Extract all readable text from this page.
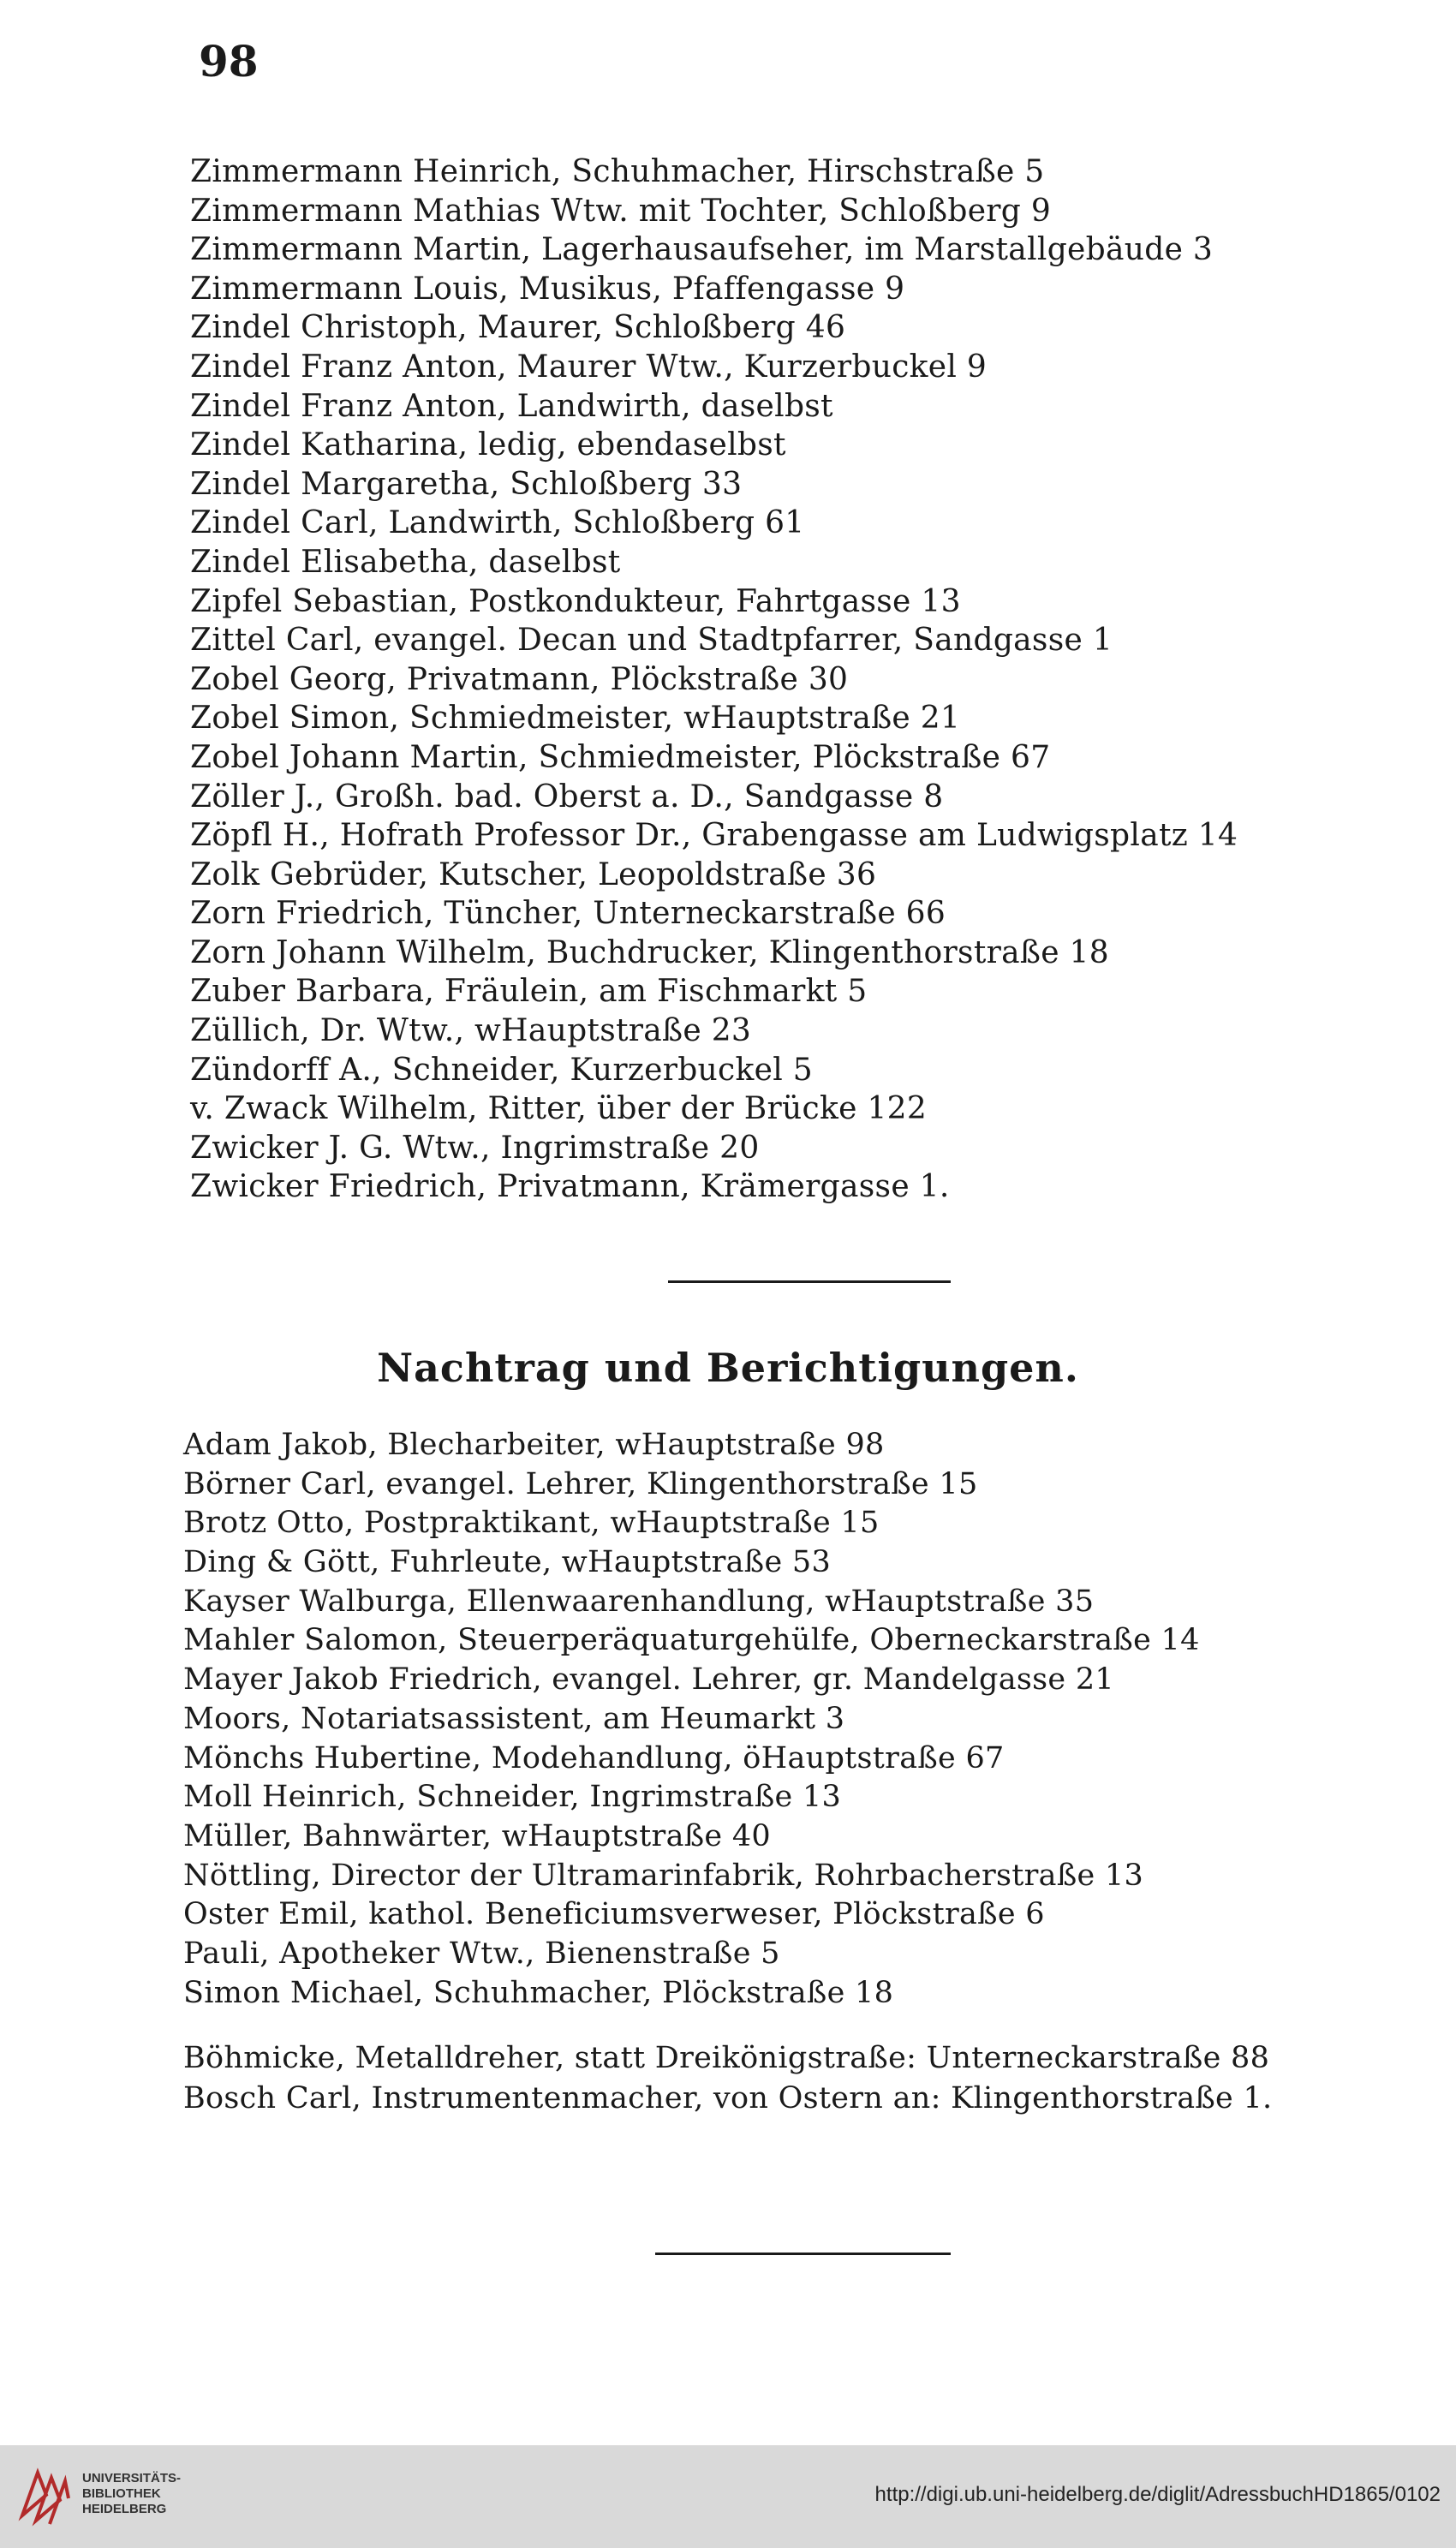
98
Zimmermann Heinrich, Schuhmacher, Hirschstraße 5
Zimmermann Mathias Wtw. mit Tochter, Schloßberg 9
Zimmermann Martin, Lagerhausaufseher, im Marstallgebäude 3
Zimmermann Louis, Musikus, Pfaffengasse 9
Zindel Christoph, Maurer, Schloßberg 46
Zindel Franz Anton, Maurer Wtw., Kurzerbuckel 9
Zindel Franz Anton, Landwirth, daselbst
Zindel Katharina, ledig, ebendaselbst
Zindel Margaretha, Schloßberg 33
Zindel Carl, Landwirth, Schloßberg 61
Zindel Elisabetha, daselbst
Zipfel Sebastian, Postkondukteur, Fahrtgasse 13
Zittel Carl, evangel. Decan und Stadtpfarrer, Sandgasse 1
Zobel Georg, Privatmann, Plöckstraße 30
Zobel Simon, Schmiedmeister, wHauptstraße 21
Zobel Johann Martin, Schmiedmeister, Plöckstraße 67
Zöller J., Großh. bad. Oberst a. D., Sandgasse 8
Zöpfl H., Hofrath Professor Dr., Grabengasse am Ludwigsplatz 14
Zolk Gebrüder, Kutscher, Leopoldstraße 36
Zorn Friedrich, Tüncher, Unterneckarstraße 66
Zorn Johann Wilhelm, Buchdrucker, Klingenthorstraße 18
Zuber Barbara, Fräulein, am Fischmarkt 5
Züllich, Dr. Wtw., wHauptstraße 23
Zündorff A., Schneider, Kurzerbuckel 5
v. Zwack Wilhelm, Ritter, über der Brücke 122
Zwicker J. G. Wtw., Ingrimstraße 20
Zwicker Friedrich, Privatmann, Krämergasse 1.
Nachtrag und Berichtigungen.
Adam Jakob, Blecharbeiter, wHauptstraße 98
Börner Carl, evangel. Lehrer, Klingenthorstraße 15
Brotz Otto, Postpraktikant, wHauptstraße 15
Ding & Gött, Fuhrleute, wHauptstraße 53
Kayser Walburga, Ellenwaarenhandlung, wHauptstraße 35
Mahler Salomon, Steuerperäquaturgehülfe, Oberneckarstraße 14
Mayer Jakob Friedrich, evangel. Lehrer, gr. Mandelgasse 21
Moors, Notariatsassistent, am Heumarkt 3
Mönchs Hubertine, Modehandlung, öHauptstraße 67
Moll Heinrich, Schneider, Ingrimstraße 13
Müller, Bahnwärter, wHauptstraße 40
Nöttling, Director der Ultramarinfabrik, Rohrbacherstraße 13
Oster Emil, kathol. Beneficiumsverweser, Plöckstraße 6
Pauli, Apotheker Wtw., Bienenstraße 5
Simon Michael, Schuhmacher, Plöckstraße 18
Böhmicke, Metalldreher, statt Dreikönigstraße: Unterneckarstraße 88
Bosch Carl, Instrumentenmacher, von Ostern an: Klingenthorstraße 1.
UNIVERSITÄTS-
BIBLIOTHEK
HEIDELBERG
http://digi.ub.uni-heidelberg.de/diglit/AdressbuchHD1865/0102
